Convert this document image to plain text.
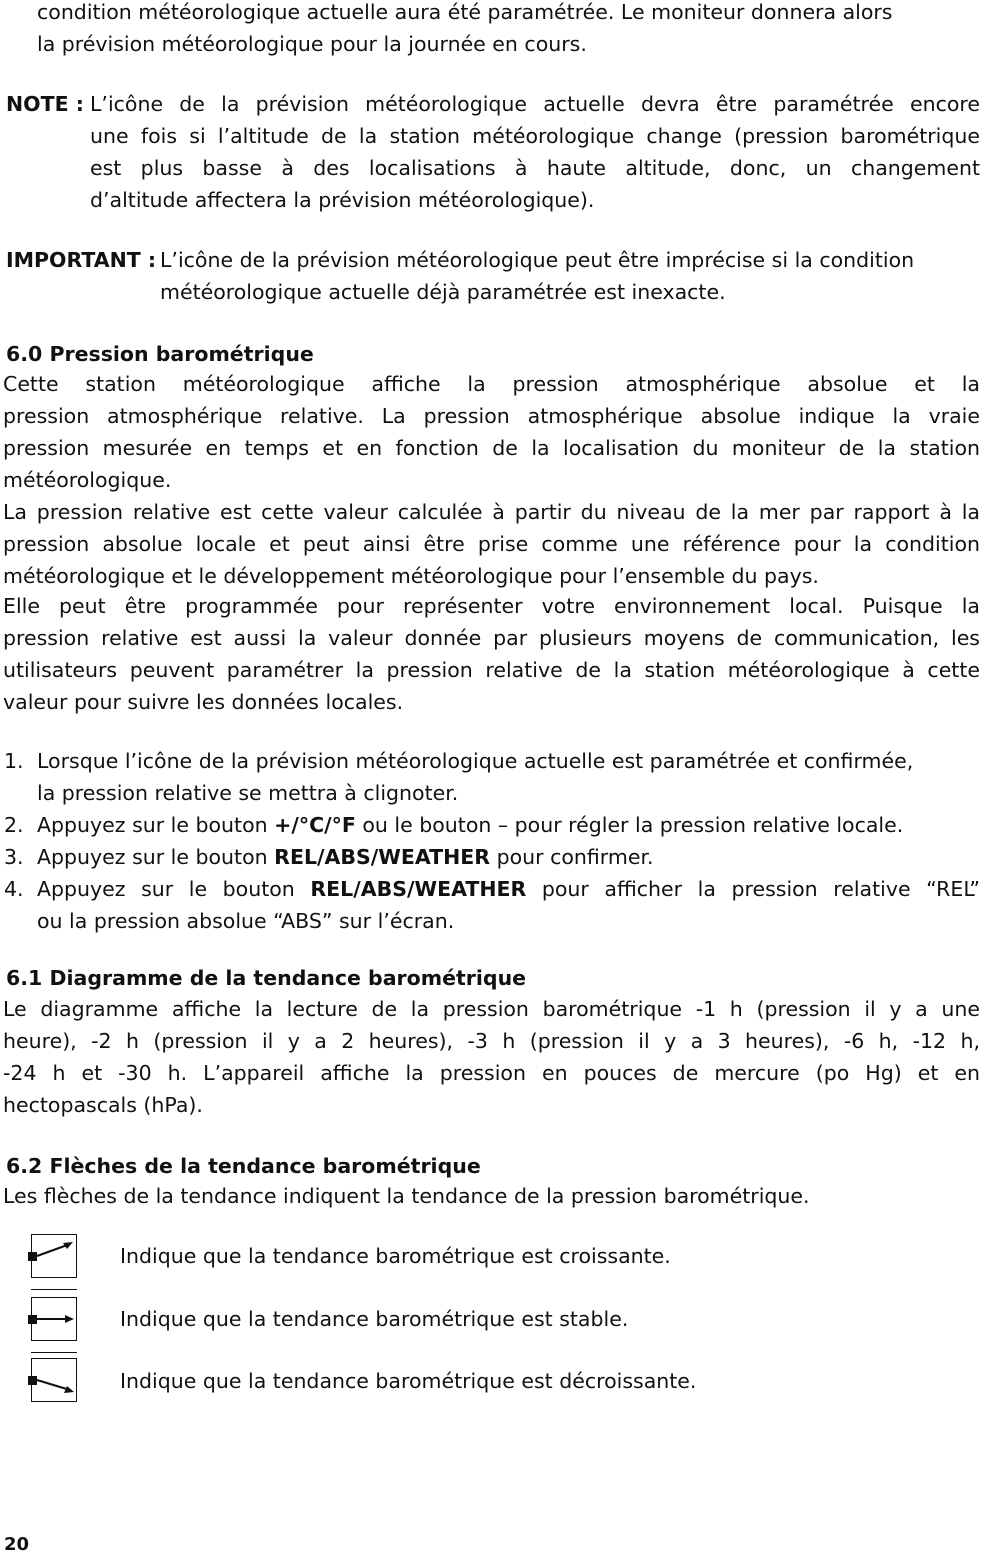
condition météorologique actuelle aura été paramétrée. Le moniteur donnera alors
la prévision météorologique pour la journée en cours.
NOTE : L’icône de la prévision météorologique actuelle devra être paramétrée encore
une fois si l’altitude de la station météorologique change (pression barométrique
est plus basse à des localisations à haute altitude, donc, un changement
d’altitude affectera la prévision météorologique).
IMPORTANT : L’icône de la prévision météorologique peut être imprécise si la condition
météorologique actuelle déjà paramétrée est inexacte.
6.0 Pression barométrique
Cette station météorologique affiche la pression atmosphérique absolue et la
pression atmosphérique relative. La pression atmosphérique absolue indique la vraie
pression mesurée en temps et en fonction de la localisation du moniteur de la station
météorologique.
La pression relative est cette valeur calculée à partir du niveau de la mer par rapport à la
pression absolue locale et peut ainsi être prise comme une référence pour la condition
météorologique et le développement météorologique pour l’ensemble du pays.
Elle peut être programmée pour représenter votre environnement local. Puisque la
pression relative est aussi la valeur donnée par plusieurs moyens de communication, les
utilisateurs peuvent paramétrer la pression relative de la station météorologique à cette
valeur pour suivre les données locales.
1. Lorsque l’icône de la prévision météorologique actuelle est paramétrée et confirmée,
la pression relative se mettra à clignoter.
2. Appuyez sur le bouton +/°C/°F ou le bouton – pour régler la pression relative locale.
3. Appuyez sur le bouton REL/ABS/WEATHER pour confirmer.
4. Appuyez sur le bouton REL/ABS/WEATHER pour afficher la pression relative “REL”
ou la pression absolue “ABS” sur l’écran.
6.1 Diagramme de la tendance barométrique
Le diagramme affiche la lecture de la pression barométrique -1 h (pression il y a une
heure), -2 h (pression il y a 2 heures), -3 h (pression il y a 3 heures), -6 h, -12 h,
-24 h et -30 h. L’appareil affiche la pression en pouces de mercure (po Hg) et en
hectopascals (hPa).
6.2 Flèches de la tendance barométrique
Les flèches de la tendance indiquent la tendance de la pression barométrique.
Indique que la tendance barométrique est croissante.
Indique que la tendance barométrique est stable.
Indique que la tendance barométrique est décroissante.
20
